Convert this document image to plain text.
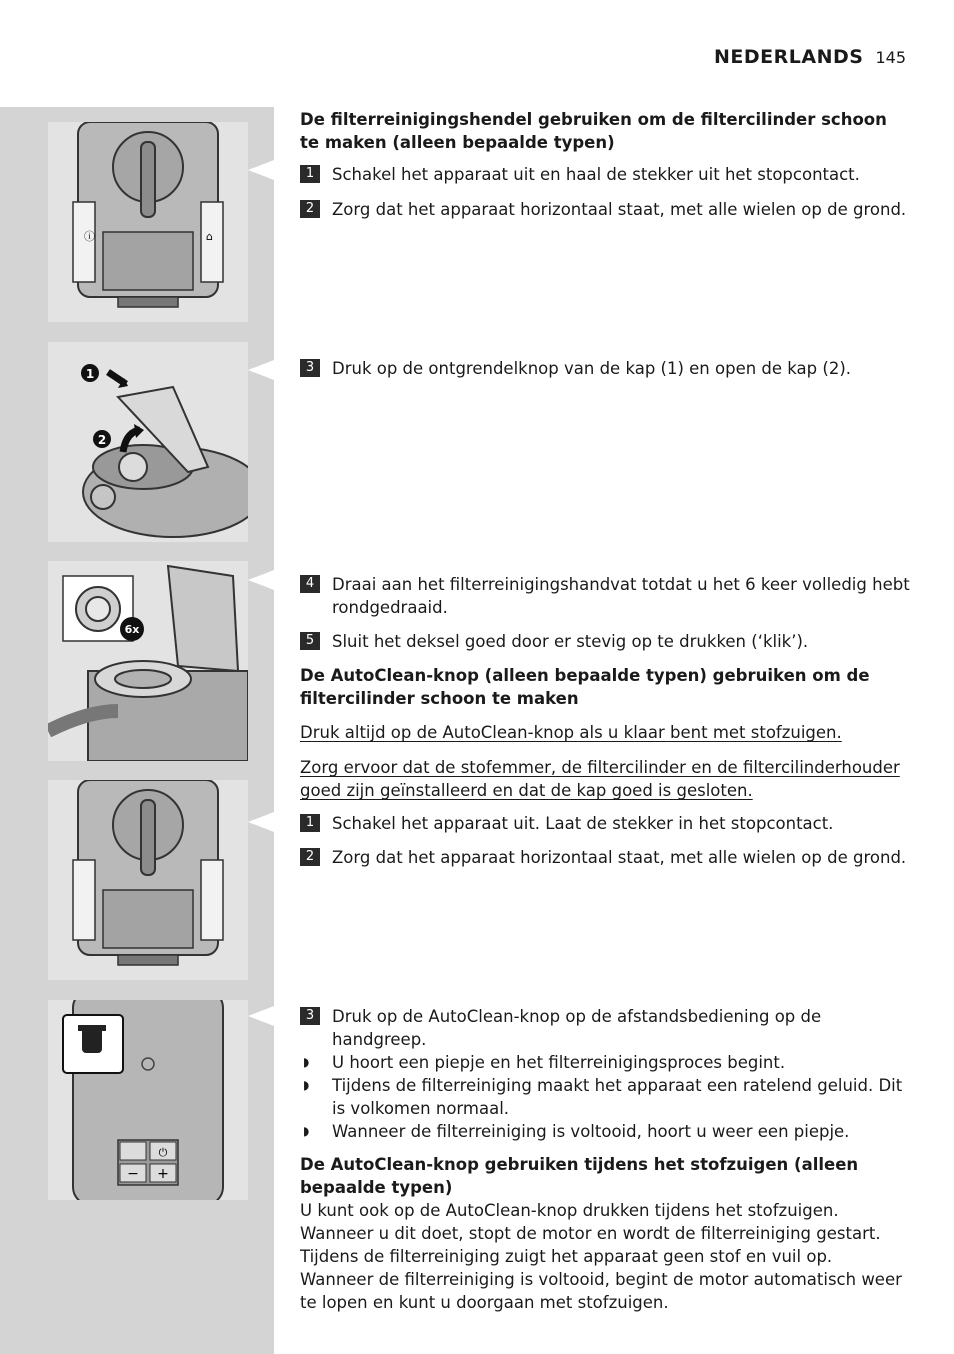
NEDERLANDS 145
ⓘ	⌂
1
2
6x
⏻
− +

De filterreinigingshendel gebruiken om de filtercilinder schoon te maken (alleen bepaalde typen)

1	Schakel het apparaat uit en haal de stekker uit het stopcontact.
2	Zorg dat het apparaat horizontaal staat, met alle wielen op de grond.
3	Druk op de ontgrendelknop van de kap (1) en open de kap (2).
4	Draai aan het filterreinigingshandvat totdat u het 6 keer volledig hebt rondgedraaid.
5	Sluit het deksel goed door er stevig op te drukken (‘klik’).

De AutoClean-knop (alleen bepaalde typen) gebruiken om de filtercilinder schoon te maken

Druk altijd op de AutoClean-knop als u klaar bent met stofzuigen.

Zorg ervoor dat de stofemmer, de filtercilinder en de filtercilinderhouder goed zijn geïnstalleerd en dat de kap goed is gesloten.

1	Schakel het apparaat uit. Laat de stekker in het stopcontact.
2	Zorg dat het apparaat horizontaal staat, met alle wielen op de grond.
3	Druk op de AutoClean-knop op de afstandsbediening op de handgreep.
◗	U hoort een piepje en het filterreinigingsproces begint.
◗	Tijdens de filterreiniging maakt het apparaat een ratelend geluid. Dit is volkomen normaal.
◗	Wanneer de filterreiniging is voltooid, hoort u weer een piepje.

De AutoClean-knop gebruiken tijdens het stofzuigen (alleen bepaalde typen)

U kunt ook op de AutoClean-knop drukken tijdens het stofzuigen. Wanneer u dit doet, stopt de motor en wordt de filterreiniging gestart. Tijdens de filterreiniging zuigt het apparaat geen stof en vuil op. Wanneer de filterreiniging is voltooid, begint de motor automatisch weer te lopen en kunt u doorgaan met stofzuigen.
